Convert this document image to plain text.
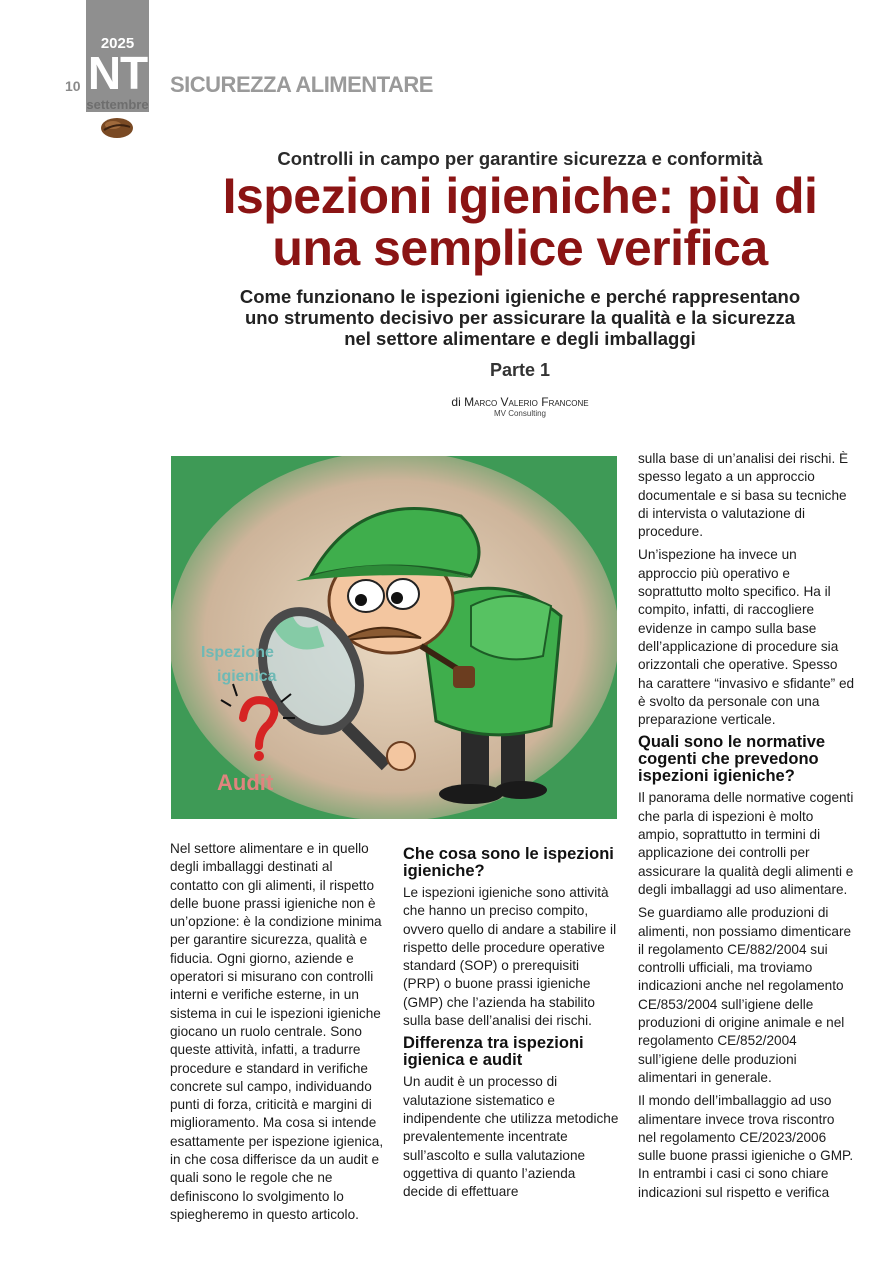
10
2025
NT
settembre
SICUREZZA ALIMENTARE
Controlli in campo per garantire sicurezza e conformità
Ispezioni igieniche: più di
una semplice verifica
Come funzionano le ispezioni igieniche e perché rappresentano
uno strumento decisivo per assicurare la qualità e la sicurezza
nel settore alimentare e degli imballaggi
Parte 1
di Marco Valerio Francone
MV Consulting
Ispezione
igienica
Audit

Nel settore alimentare e in quello degli imballaggi destinati al contatto con gli alimenti, il rispetto delle buone prassi igieniche non è un’opzione: è la condizione minima per garantire sicurezza, qualità e fiducia. Ogni giorno, aziende e operatori si misurano con controlli interni e verifiche esterne, in un sistema in cui le ispezioni igieniche giocano un ruolo centrale. Sono queste attività, infatti, a tradurre procedure e standard in verifiche concrete sul campo, individuando punti di forza, criticità e margini di miglioramento. Ma cosa si intende esattamente per ispezione igienica, in che cosa differisce da un audit e quali sono le regole che ne definiscono lo svolgimento lo spiegheremo in questo articolo.

Che cosa sono le ispezioni igieniche?

Le ispezioni igieniche sono attività che hanno un preciso compito, ovvero quello di andare a stabilire il rispetto delle procedure operative standard (SOP) o prerequisiti (PRP) o buone prassi igieniche (GMP) che l’azienda ha stabilito sulla base dell’analisi dei rischi.

Differenza tra ispezioni igienica e audit

Un audit è un processo di valutazione sistematico e indipendente che utilizza metodiche prevalentemente incentrate sull’ascolto e sulla valutazione oggettiva di quanto l’azienda decide di effettuare

sulla base di un’analisi dei rischi. È spesso legato a un approccio documentale e si basa su tecniche di intervista o valutazione di procedure.

Un’ispezione ha invece un approccio più operativo e soprattutto molto specifico. Ha il compito, infatti, di raccogliere evidenze in campo sulla base dell’applicazione di procedure sia orizzontali che operative. Spesso ha carattere “invasivo e sfidante” ed è svolto da personale con una preparazione verticale.

Quali sono le normative cogenti che prevedono ispezioni igieniche?

Il panorama delle normative cogenti che parla di ispezioni è molto ampio, soprattutto in termini di applicazione dei controlli per assicurare la qualità degli alimenti e degli imballaggi ad uso alimentare.

Se guardiamo alle produzioni di alimenti, non possiamo dimenticare il regolamento CE/882/2004 sui controlli ufficiali, ma troviamo indicazioni anche nel regolamento CE/853/2004 sull’igiene delle produzioni di origine animale e nel regolamento CE/852/2004 sull’igiene delle produzioni alimentari in generale.

Il mondo dell’imballaggio ad uso alimentare invece trova riscontro nel regolamento CE/2023/2006 sulle buone prassi igieniche o GMP. In entrambi i casi ci sono chiare indicazioni sul rispetto e verifica
